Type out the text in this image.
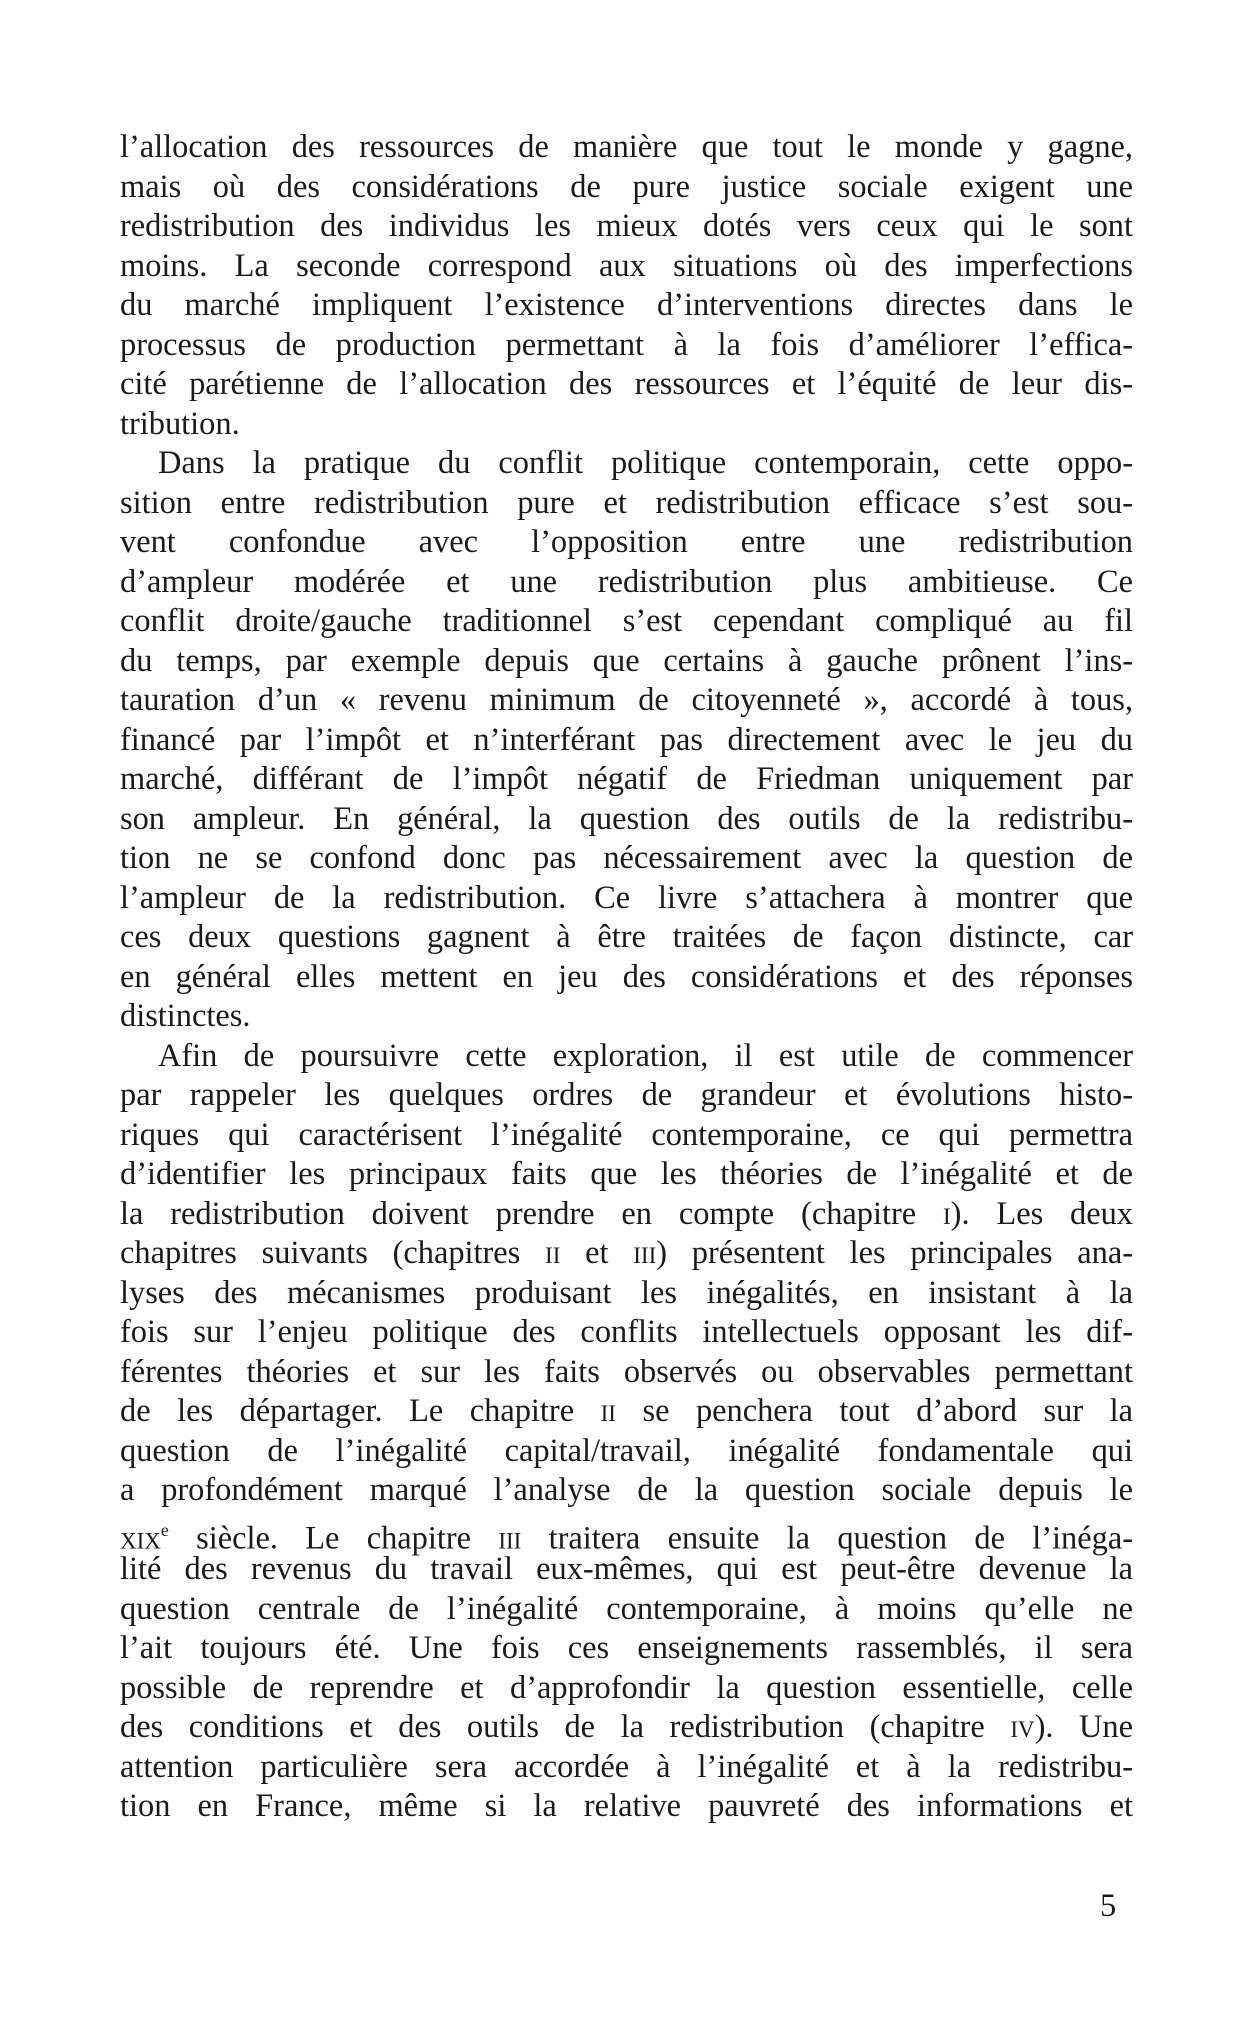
l’allocation des ressources de manière que tout le monde y gagne,
mais où des considérations de pure justice sociale exigent une
redistribution des individus les mieux dotés vers ceux qui le sont
moins. La seconde correspond aux situations où des imperfections
du marché impliquent l’existence d’interventions directes dans le
processus de production permettant à la fois d’améliorer l’effica-
cité parétienne de l’allocation des ressources et l’équité de leur dis-
tribution.
Dans la pratique du conflit politique contemporain, cette oppo-
sition entre redistribution pure et redistribution efficace s’est sou-
vent confondue avec l’opposition entre une redistribution
d’ampleur modérée et une redistribution plus ambitieuse. Ce
conflit droite/gauche traditionnel s’est cependant compliqué au fil
du temps, par exemple depuis que certains à gauche prônent l’ins-
tauration d’un « revenu minimum de citoyenneté », accordé à tous,
financé par l’impôt et n’interférant pas directement avec le jeu du
marché, différant de l’impôt négatif de Friedman uniquement par
son ampleur. En général, la question des outils de la redistribu-
tion ne se confond donc pas nécessairement avec la question de
l’ampleur de la redistribution. Ce livre s’attachera à montrer que
ces deux questions gagnent à être traitées de façon distincte, car
en général elles mettent en jeu des considérations et des réponses
distinctes.
Afin de poursuivre cette exploration, il est utile de commencer
par rappeler les quelques ordres de grandeur et évolutions histo-
riques qui caractérisent l’inégalité contemporaine, ce qui permettra
d’identifier les principaux faits que les théories de l’inégalité et de
la redistribution doivent prendre en compte (chapitre i). Les deux
chapitres suivants (chapitres ii et iii) présentent les principales ana-
lyses des mécanismes produisant les inégalités, en insistant à la
fois sur l’enjeu politique des conflits intellectuels opposant les dif-
férentes théories et sur les faits observés ou observables permettant
de les départager. Le chapitre ii se penchera tout d’abord sur la
question de l’inégalité capital/travail, inégalité fondamentale qui
a profondément marqué l’analyse de la question sociale depuis le
xix$^e$ siècle. Le chapitre iii traitera ensuite la question de l’inéga-
lité des revenus du travail eux-mêmes, qui est peut-être devenue la
question centrale de l’inégalité contemporaine, à moins qu’elle ne
l’ait toujours été. Une fois ces enseignements rassemblés, il sera
possible de reprendre et d’approfondir la question essentielle, celle
des conditions et des outils de la redistribution (chapitre iv). Une
attention particulière sera accordée à l’inégalité et à la redistribu-
tion en France, même si la relative pauvreté des informations et
5
